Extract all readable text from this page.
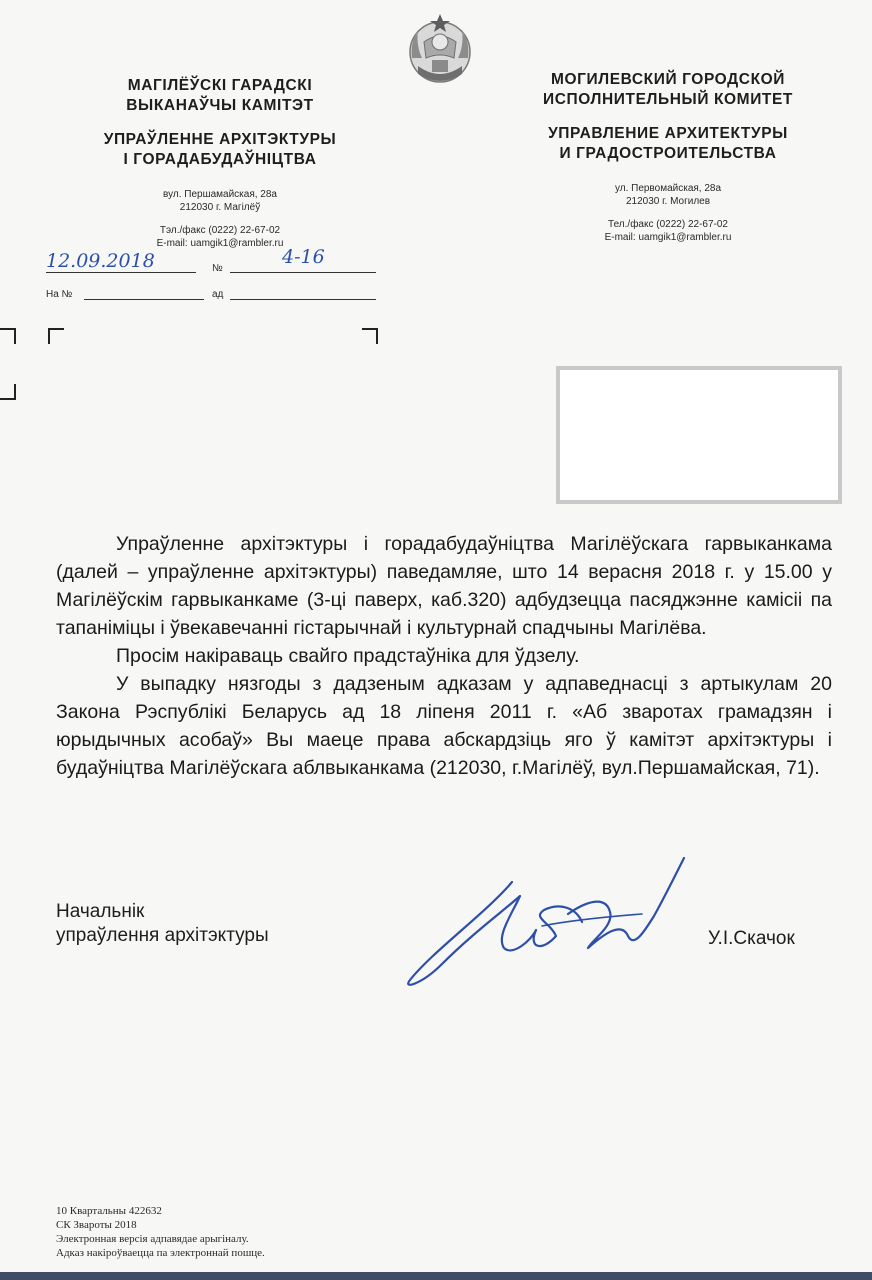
МАГІЛЁЎСКІ ГАРАДСКІ
ВЫКАНАЎЧЫ КАМІТЭТ
УПРАЎЛЕННЕ АРХІТЭКТУРЫ
І ГОРАДАБУДАЎНІЦТВА
вул. Першамайская, 28а
212030 г. Магілёў
Тэл./факс (0222) 22-67-02
E-mail: uamgik1@rambler.ru
МОГИЛЕВСКИЙ ГОРОДСКОЙ
ИСПОЛНИТЕЛЬНЫЙ КОМИТЕТ
УПРАВЛЕНИЕ АРХИТЕКТУРЫ
И ГРАДОСТРОИТЕЛЬСТВА
ул. Первомайская, 28а
212030 г. Могилев
Тел./факс (0222) 22-67-02
E-mail: uamgik1@rambler.ru
12.09.2018	№
4-16
На №	ад

Упраўленне архітэктуры і горадабудаўніцтва Магілёўскага гарвыканкама (далей – упраўленне архітэктуры) паведамляе, што 14 верасня 2018 г. у 15.00 у Магілёўскім гарвыканкаме (3-ці паверх, каб.320) адбудзецца пасяджэнне камісіі па тапаніміцы і ўвекавечанні гістарычнай і культурнай спадчыны Магілёва.

Просім накіраваць свайго прадстаўніка для ўдзелу.

У выпадку нязгоды з дадзеным адказам у адпаведнасці з артыкулам 20 Закона Рэспублікі Беларусь ад 18 ліпеня 2011 г. «Аб зваротах грамадзян і юрыдычных асобаў» Вы маеце права абскардзіць яго ў камітэт архітэктуры і будаўніцтва Магілёўскага аблвыканкама (212030, г.Магілёў, вул.Першамайская, 71).

Начальнік
упраўлення архітэктуры	У.І.Скачок
10 Квартальны 422632
СК Звароты 2018
Электронная версія адпавядае арыгіналу.
Адказ накіроўваецца па электроннай пошце.
